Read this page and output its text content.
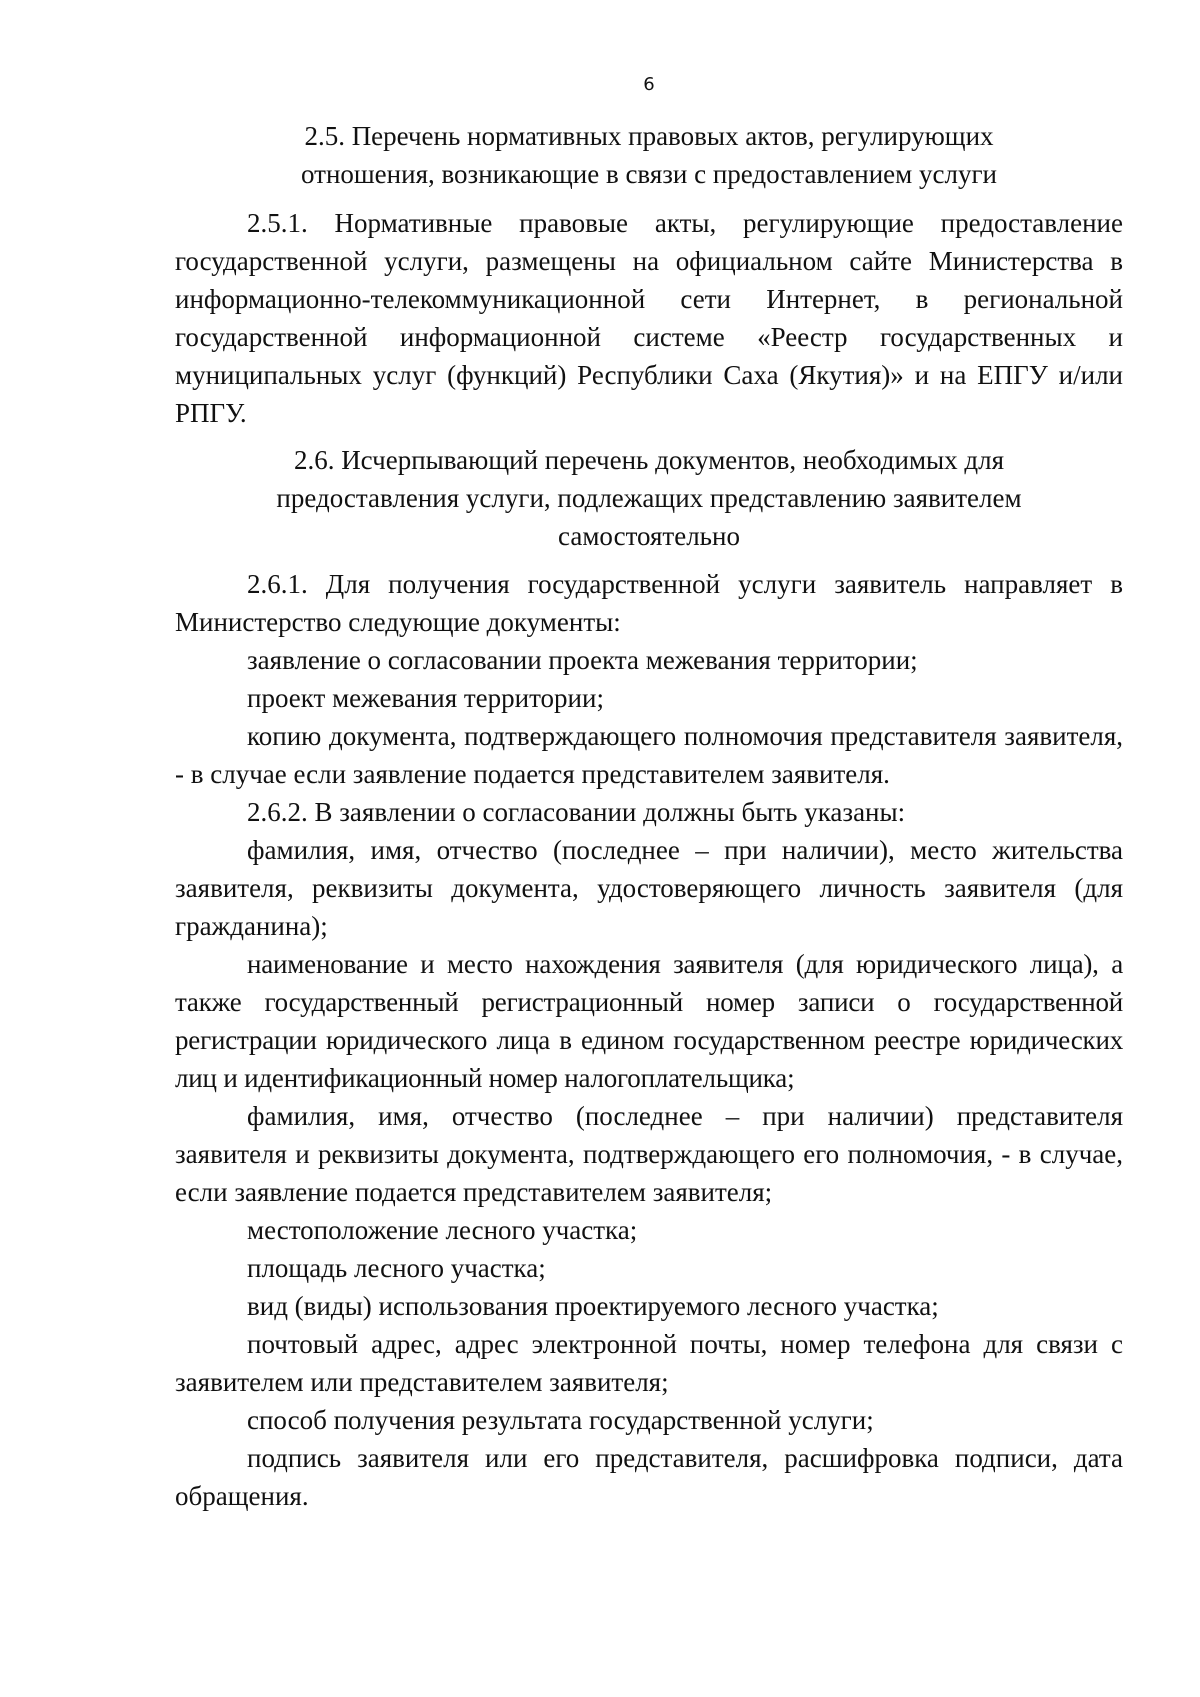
6
2.5. Перечень нормативных правовых актов, регулирующих
отношения, возникающие в связи с предоставлением услуги

2.5.1. Нормативные правовые акты, регулирующие предоставление государственной услуги, размещены на официальном сайте Министерства в информационно-телекоммуникационной сети Интернет, в региональной государственной информационной системе «Реестр государственных и муниципальных услуг (функций) Республики Саха (Якутия)» и на ЕПГУ и/или РПГУ.

2.6. Исчерпывающий перечень документов, необходимых для
предоставления услуги, подлежащих представлению заявителем
самостоятельно

2.6.1. Для получения государственной услуги заявитель направляет в Министерство следующие документы:

заявление о согласовании проекта межевания территории;

проект межевания территории;

копию документа, подтверждающего полномочия представителя заявителя, - в случае если заявление подается представителем заявителя.

2.6.2. В заявлении о согласовании должны быть указаны:

фамилия, имя, отчество (последнее – при наличии), место жительства заявителя, реквизиты документа, удостоверяющего личность заявителя (для гражданина);

наименование и место нахождения заявителя (для юридического лица), а также государственный регистрационный номер записи о государственной регистрации юридического лица в едином государственном реестре юридических лиц и идентификационный номер налогоплательщика;

фамилия, имя, отчество (последнее – при наличии) представителя заявителя и реквизиты документа, подтверждающего его полномочия, - в случае, если заявление подается представителем заявителя;

местоположение лесного участка;

площадь лесного участка;

вид (виды) использования проектируемого лесного участка;

почтовый адрес, адрес электронной почты, номер телефона для связи с заявителем или представителем заявителя;

способ получения результата государственной услуги;

подпись заявителя или его представителя, расшифровка подписи, дата обращения.
